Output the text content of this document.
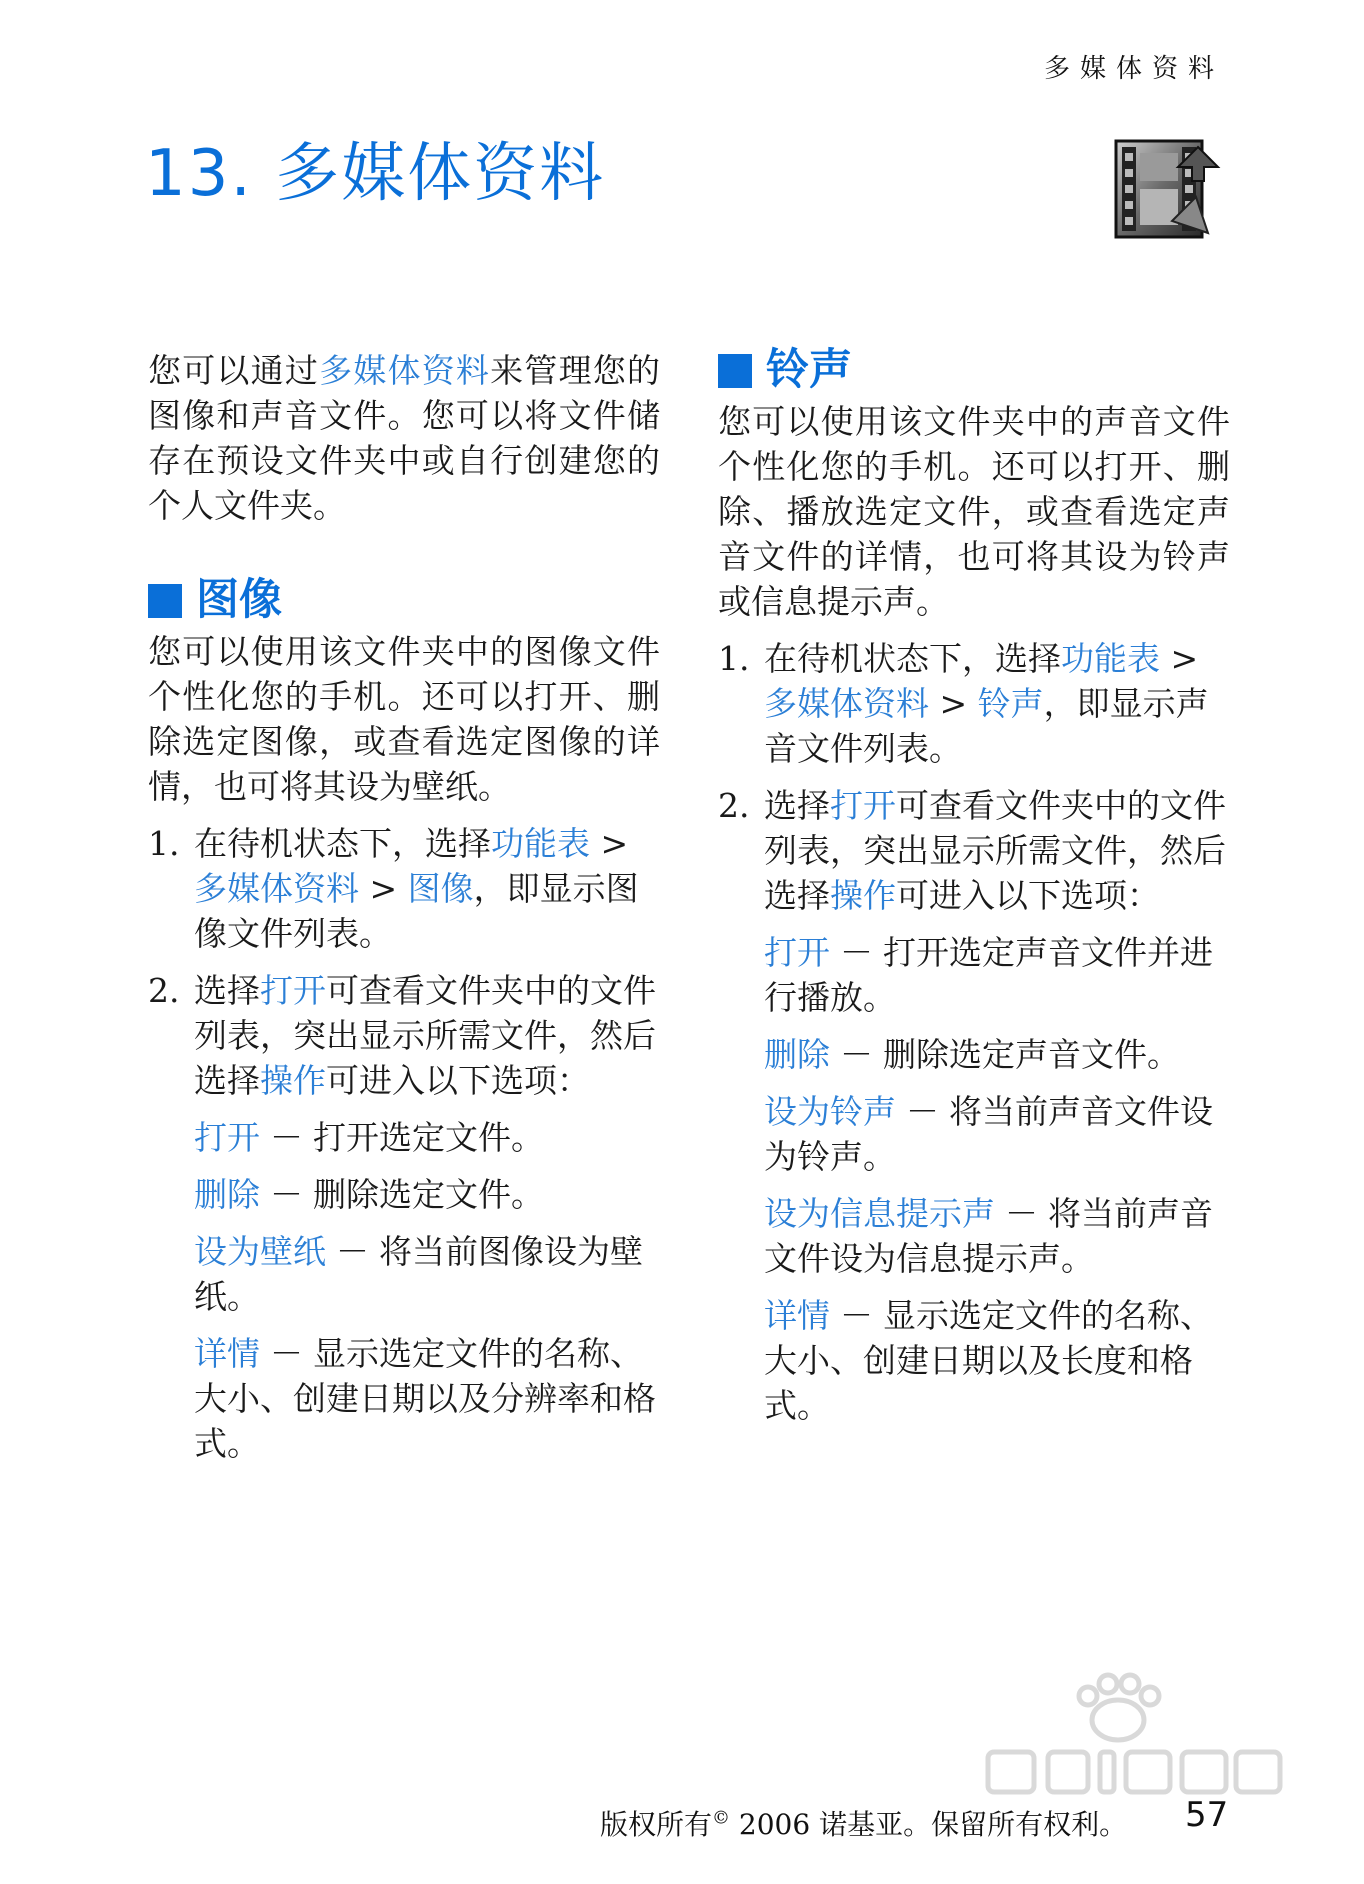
多媒体资料
13. 多媒体资料

您可以通过多媒体资料来管理您的图像和声音文件。您可以将文件储存在预设文件夹中或自行创建您的个人文件夹。

图像

您可以使用该文件夹中的图像文件个性化您的手机。还可以打开、删除选定图像，或查看选定图像的详情，也可将其设为壁纸。

1. 在待机状态下，选择功能表 > 多媒体资料 > 图像，即显示图像文件列表。
2. 选择打开可查看文件夹中的文件列表，突出显示所需文件，然后选择操作可进入以下选项：

打开 － 打开选定文件。

删除 － 删除选定文件。

设为壁纸 － 将当前图像设为壁纸。

详情 － 显示选定文件的名称、大小、创建日期以及分辨率和格式。

铃声

您可以使用该文件夹中的声音文件个性化您的手机。还可以打开、删除、播放选定文件，或查看选定声音文件的详情，也可将其设为铃声或信息提示声。

1. 在待机状态下，选择功能表 > 多媒体资料 > 铃声，即显示声音文件列表。
2. 选择打开可查看文件夹中的文件列表，突出显示所需文件，然后选择操作可进入以下选项：

打开 － 打开选定声音文件并进行播放。

删除 － 删除选定声音文件。

设为铃声 － 将当前声音文件设为铃声。

设为信息提示声 － 将当前声音文件设为信息提示声。

详情 － 显示选定文件的名称、大小、创建日期以及长度和格式。

版权所有© 2006 诺基亚。保留所有权利。 57
